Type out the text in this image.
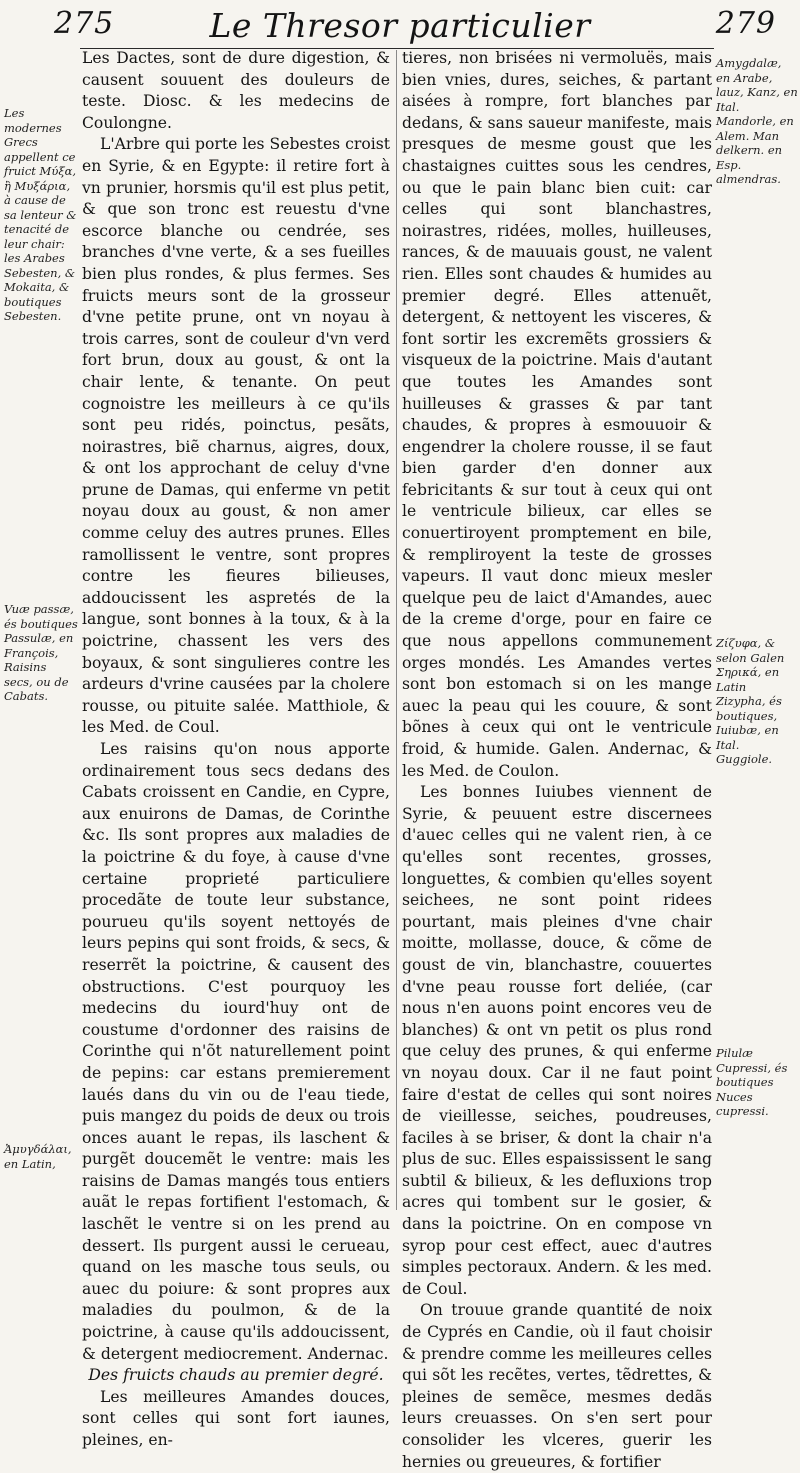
275	Le Thresor particulier	279

Les Dactes, sont de dure digestion, & causent souuent des douleurs de teste. Diosc. & les medecins de Coulongne.

L'Arbre qui porte les Sebestes croist en Syrie, & en Egypte: il retire fort à vn prunier, horsmis qu'il est plus petit, & que son tronc est reuestu d'vne escorce blanche ou cendrée, ses branches d'vne verte, & a ses fueilles bien plus rondes, & plus fermes. Ses fruicts meurs sont de la grosseur d'vne petite prune, ont vn noyau à trois carres, sont de couleur d'vn verd fort brun, doux au goust, & ont la chair lente, & tenante. On peut cognoistre les meilleurs à ce qu'ils sont peu ridés, poinctus, pesãts, noirastres, biẽ charnus, aigres, doux, & ont los approchant de celuy d'vne prune de Damas, qui enferme vn petit noyau doux au goust, & non amer comme celuy des autres prunes. Elles ramollissent le ventre, sont propres contre les fieures bilieuses, addoucissent les aspretés de la langue, sont bonnes à la toux, & à la poictrine, chassent les vers des boyaux, & sont singulieres contre les ardeurs d'vrine causées par la cholere rousse, ou pituite salée. Matthiole, & les Med. de Coul.

Les raisins qu'on nous apporte ordinairement tous secs dedans des Cabats croissent en Candie, en Cypre, aux enuirons de Damas, de Corinthe &c. Ils sont propres aux maladies de la poictrine & du foye, à cause d'vne certaine proprieté particuliere procedãte de toute leur substance, pourueu qu'ils soyent nettoyés de leurs pepins qui sont froids, & secs, & reserrẽt la poictrine, & causent des obstructions. C'est pourquoy les medecins du iourd'huy ont de coustume d'ordonner des raisins de Corinthe qui n'õt naturellement point de pepins: car estans premierement laués dans du vin ou de l'eau tiede, puis mangez du poids de deux ou trois onces auant le repas, ils laschent & purgẽt doucemẽt le ventre: mais les raisins de Damas mangés tous entiers auãt le repas fortifient l'estomach, & laschẽt le ventre si on les prend au dessert. Ils purgent aussi le cerueau, quand on les masche tous seuls, ou auec du poiure: & sont propres aux maladies du poulmon, & de la poictrine, à cause qu'ils addoucissent, & detergent mediocrement. Andernac.

Des fruicts chauds au premier degré.

Les meilleures Amandes douces, sont celles qui sont fort iaunes, pleines, en-

tieres, non brisées ni vermoluës, mais bien vnies, dures, seiches, & partant aisées à rompre, fort blanches par dedans, & sans saueur manifeste, mais presques de mesme goust que les chastaignes cuittes sous les cendres, ou que le pain blanc bien cuit: car celles qui sont blanchastres, noirastres, ridées, molles, huilleuses, rances, & de mauuais goust, ne valent rien. Elles sont chaudes & humides au premier degré. Elles attenuẽt, detergent, & nettoyent les visceres, & font sortir les excremẽts grossiers & visqueux de la poictrine. Mais d'autant que toutes les Amandes sont huilleuses & grasses & par tant chaudes, & propres à esmouuoir & engendrer la cholere rousse, il se faut bien garder d'en donner aux febricitants & sur tout à ceux qui ont le ventricule bilieux, car elles se conuertiroyent promptement en bile, & rempliroyent la teste de grosses vapeurs. Il vaut donc mieux mesler quelque peu de laict d'Amandes, auec de la creme d'orge, pour en faire ce que nous appellons communement orges mondés. Les Amandes vertes sont bon estomach si on les mange auec la peau qui les couure, & sont bõnes à ceux qui ont le ventricule froid, & humide. Galen. Andernac, & les Med. de Coulon.

Les bonnes Iuiubes viennent de Syrie, & peuuent estre discernees d'auec celles qui ne valent rien, à ce qu'elles sont recentes, grosses, longuettes, & combien qu'elles soyent seichees, ne sont point ridees pourtant, mais pleines d'vne chair moitte, mollasse, douce, & cõme de goust de vin, blanchastre, couuertes d'vne peau rousse fort deliée, (car nous n'en auons point encores veu de blanches) & ont vn petit os plus rond que celuy des prunes, & qui enferme vn noyau doux. Car il ne faut point faire d'estat de celles qui sont noires de vieillesse, seiches, poudreuses, faciles à se briser, & dont la chair n'a plus de suc. Elles espaississent le sang subtil & bilieux, & les defluxions trop acres qui tombent sur le gosier, & dans la poictrine. On en compose vn syrop pour cest effect, auec d'autres simples pectoraux. Andern. & les med. de Coul.

On trouue grande quantité de noix de Cyprés en Candie, où il faut choisir & prendre comme les meilleures celles qui sõt les recẽtes, vertes, tẽdrettes, & pleines de semẽce, mesmes dedãs leurs creuasses. On s'en sert pour consolider les vlceres, guerir les hernies ou greueures, & fortifier

Les modernes Grecs appellent ce fruict Μύξα, ἢ Μυξάρια, à cause de sa lenteur & tenacité de leur chair: les Arabes Sebesten, & Mokaita, & boutiques Sebesten.
Vuæ passæ, és boutiques Passulæ, en François, Raisins secs, ou de Cabats.
Ἀμυγδάλαι, en Latin,
Amygdalæ, en Arabe, lauz, Kanz, en Ital. Mandorle, en Alem. Man delkern. en Esp. almendras.
Ζίζυφα, & selon Galen Σηρικά, en Latin Zizypha, és boutiques, Iuiubæ, en Ital. Guggiole.
Pilulæ Cupressi, és boutiques Nuces cupressi.
